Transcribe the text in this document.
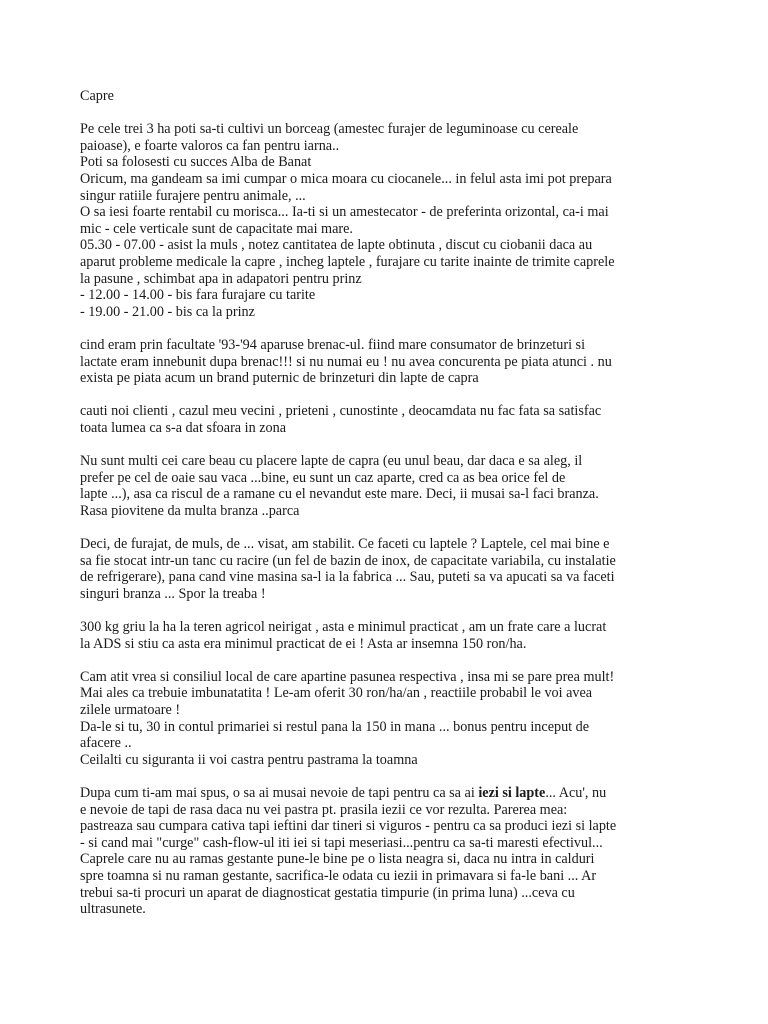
Capre
Pe cele trei 3 ha poti sa-ti cultivi un borceag (amestec furajer de leguminoase cu cereale
paioase), e foarte valoros ca fan pentru iarna..
Poti sa folosesti cu succes Alba de Banat
Oricum, ma gandeam sa imi cumpar o mica moara cu ciocanele... in felul asta imi pot prepara
singur ratiile furajere pentru animale, ...
O sa iesi foarte rentabil cu morisca... Ia-ti si un amestecator - de preferinta orizontal, ca-i mai
mic - cele verticale sunt de capacitate mai mare.
05.30 - 07.00 - asist la muls , notez cantitatea de lapte obtinuta , discut cu ciobanii daca au
aparut probleme medicale la capre , incheg laptele , furajare cu tarite inainte de trimite caprele
la pasune , schimbat apa in adapatori pentru prinz
- 12.00 - 14.00 - bis fara furajare cu tarite
- 19.00 - 21.00 - bis ca la prinz
cind eram prin facultate '93-'94 aparuse brenac-ul. fiind mare consumator de brinzeturi si
lactate eram innebunit dupa brenac!!! si nu numai eu ! nu avea concurenta pe piata atunci . nu
exista pe piata acum un brand puternic de brinzeturi din lapte de capra
cauti noi clienti , cazul meu vecini , prieteni , cunostinte , deocamdata nu fac fata sa satisfac
toata lumea ca s-a dat sfoara in zona
Nu sunt multi cei care beau cu placere lapte de capra (eu unul beau, dar daca e sa aleg, il
prefer pe cel de oaie sau vaca ...bine, eu sunt un caz aparte, cred ca as bea orice fel de
lapte ...), asa ca riscul de a ramane cu el nevandut este mare. Deci, ii musai sa-l faci branza.
Rasa piovitene da multa branza ..parca
Deci, de furajat, de muls, de ... visat, am stabilit. Ce faceti cu laptele ? Laptele, cel mai bine e
sa fie stocat intr-un tanc cu racire (un fel de bazin de inox, de capacitate variabila, cu instalatie
de refrigerare), pana cand vine masina sa-l ia la fabrica ... Sau, puteti sa va apucati sa va faceti
singuri branza ... Spor la treaba !
300 kg griu la ha la teren agricol neirigat , asta e minimul practicat , am un frate care a lucrat
la ADS si stiu ca asta era minimul practicat de ei ! Asta ar insemna 150 ron/ha.
Cam atit vrea si consiliul local de care apartine pasunea respectiva , insa mi se pare prea mult!
Mai ales ca trebuie imbunatatita ! Le-am oferit 30 ron/ha/an , reactiile probabil le voi avea
zilele urmatoare !
Da-le si tu, 30 in contul primariei si restul pana la 150 in mana ... bonus pentru inceput de
afacere ..
Ceilalti cu siguranta ii voi castra pentru pastrama la toamna
Dupa cum ti-am mai spus, o sa ai musai nevoie de tapi pentru ca sa ai iezi si lapte... Acu', nu
e nevoie de tapi de rasa daca nu vei pastra pt. prasila iezii ce vor rezulta. Parerea mea:
pastreaza sau cumpara cativa tapi ieftini dar tineri si viguros - pentru ca sa produci iezi si lapte
- si cand mai "curge" cash-flow-ul iti iei si tapi meseriasi...pentru ca sa-ti maresti efectivul...
Caprele care nu au ramas gestante pune-le bine pe o lista neagra si, daca nu intra in calduri
spre toamna si nu raman gestante, sacrifica-le odata cu iezii in primavara si fa-le bani ... Ar
trebui sa-ti procuri un aparat de diagnosticat gestatia timpurie (in prima luna) ...ceva cu
ultrasunete.
